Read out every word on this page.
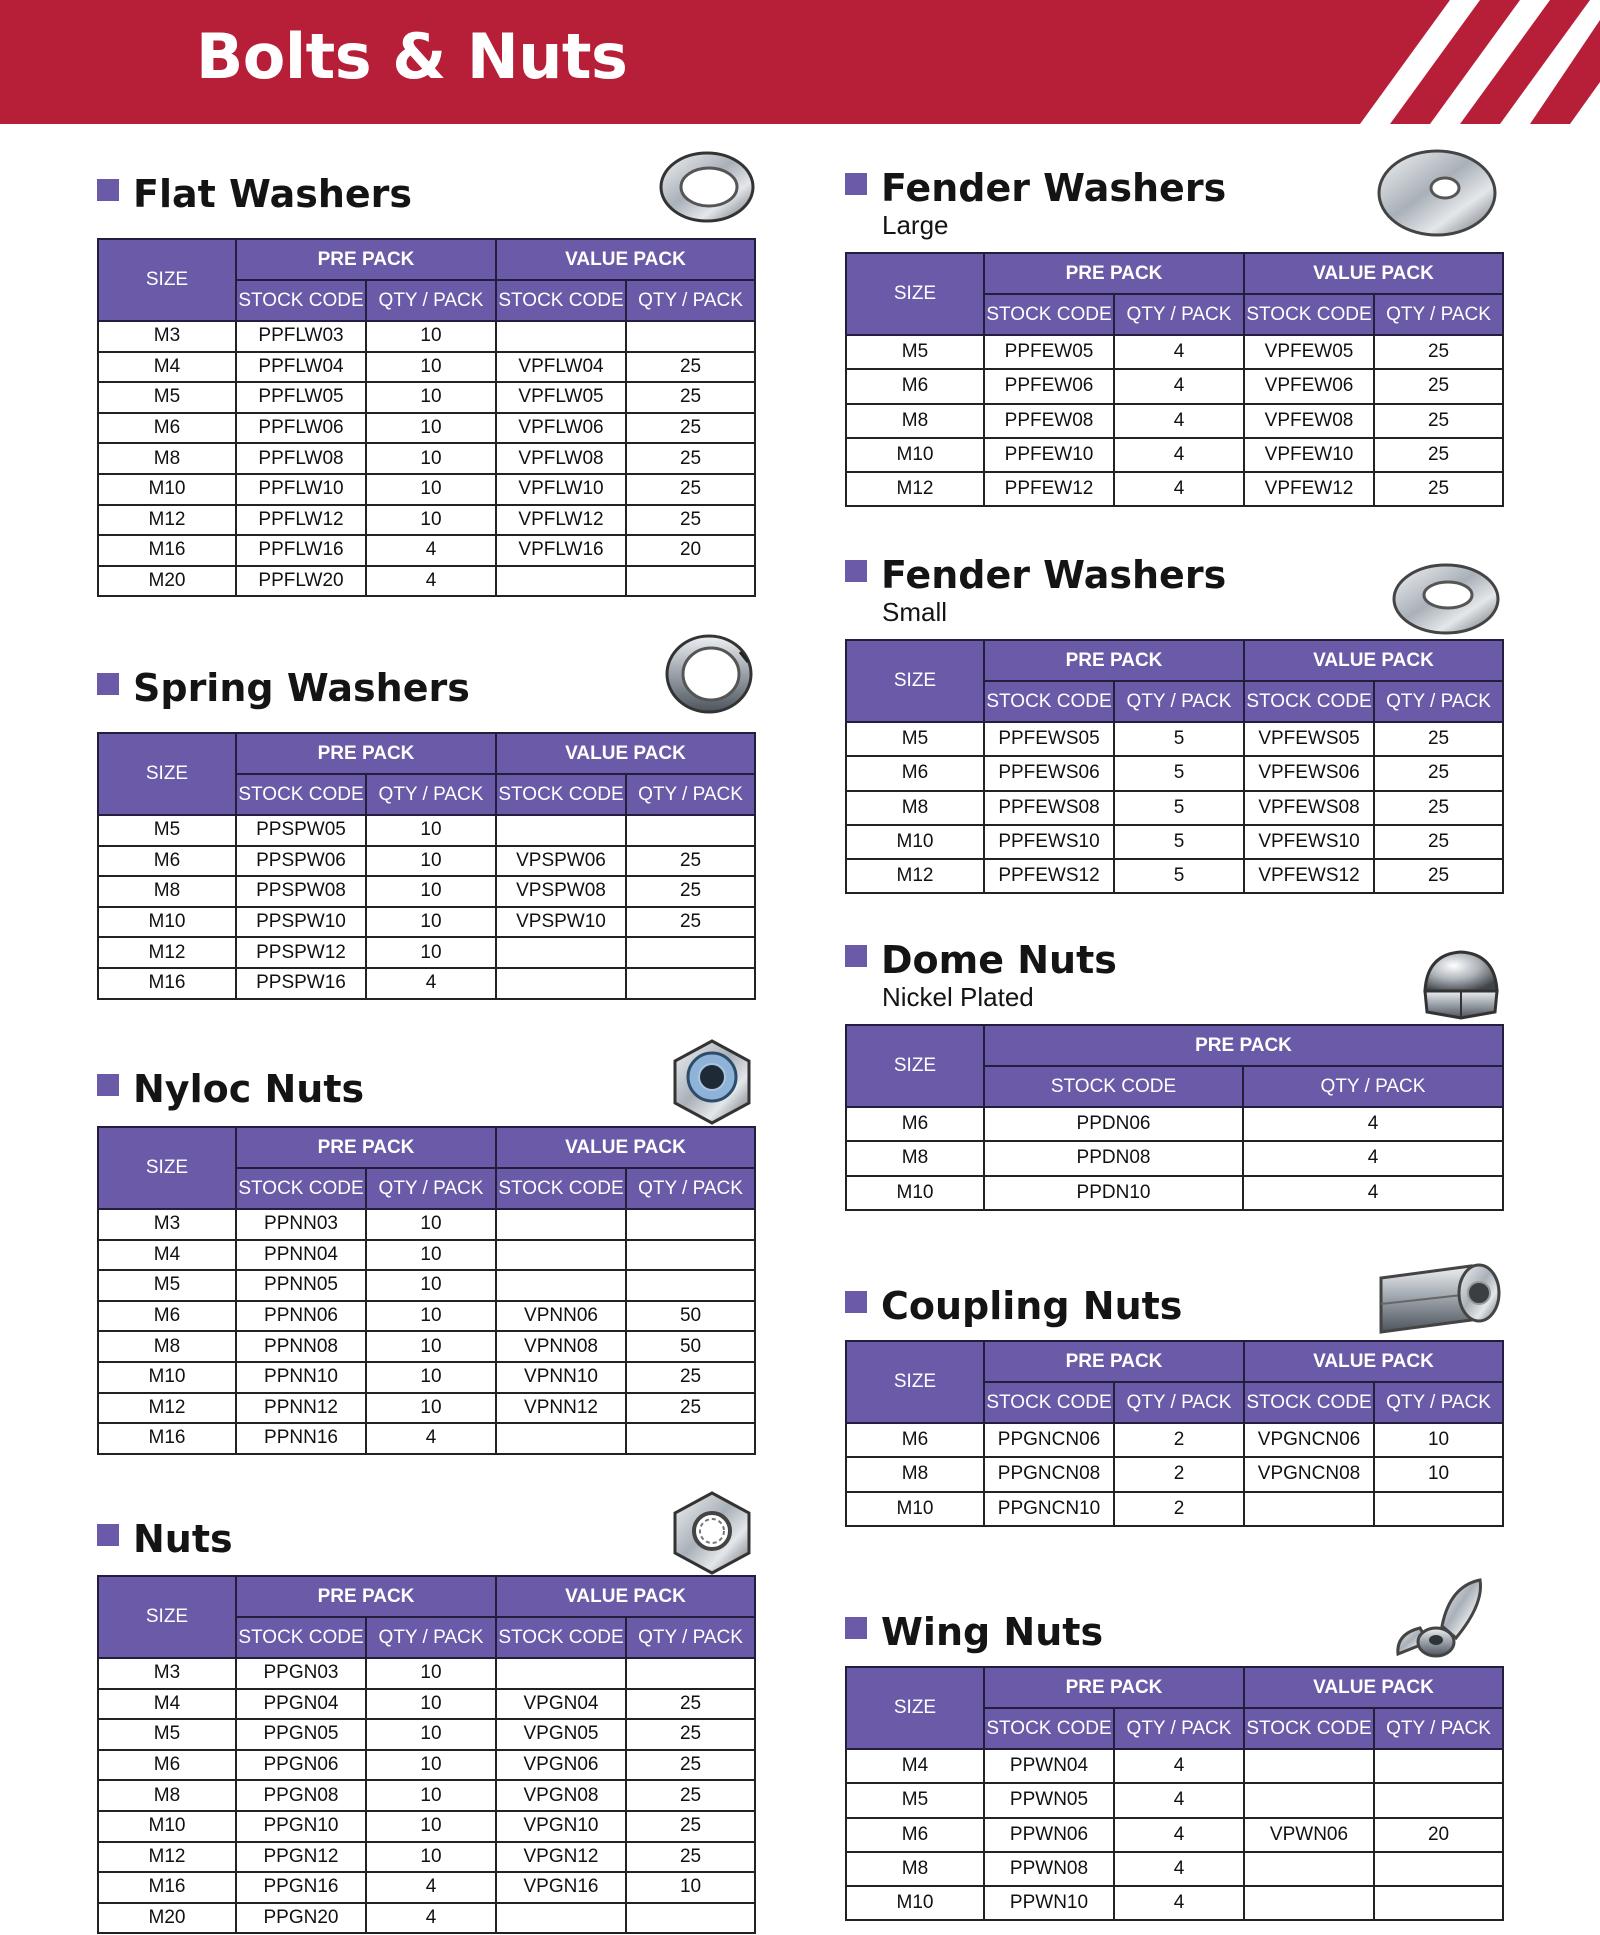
Bolts & Nuts
Flat Washers
SIZE	PRE PACK		VALUE PACK	
	STOCK CODE	QTY / PACK	STOCK CODE	QTY / PACK
M3	PPFLW03	10		
M4	PPFLW04	10	VPFLW04	25
M5	PPFLW05	10	VPFLW05	25
M6	PPFLW06	10	VPFLW06	25
M8	PPFLW08	10	VPFLW08	25
M10	PPFLW10	10	VPFLW10	25
M12	PPFLW12	10	VPFLW12	25
M16	PPFLW16	4	VPFLW16	20
M20	PPFLW20	4		
Spring Washers
SIZE	PRE PACK		VALUE PACK	
	STOCK CODE	QTY / PACK	STOCK CODE	QTY / PACK
M5	PPSPW05	10		
M6	PPSPW06	10	VPSPW06	25
M8	PPSPW08	10	VPSPW08	25
M10	PPSPW10	10	VPSPW10	25
M12	PPSPW12	10		
M16	PPSPW16	4		
Nyloc Nuts
SIZE	PRE PACK		VALUE PACK	
	STOCK CODE	QTY / PACK	STOCK CODE	QTY / PACK
M3	PPNN03	10		
M4	PPNN04	10		
M5	PPNN05	10		
M6	PPNN06	10	VPNN06	50
M8	PPNN08	10	VPNN08	50
M10	PPNN10	10	VPNN10	25
M12	PPNN12	10	VPNN12	25
M16	PPNN16	4		
Nuts
SIZE	PRE PACK		VALUE PACK	
	STOCK CODE	QTY / PACK	STOCK CODE	QTY / PACK
M3	PPGN03	10		
M4	PPGN04	10	VPGN04	25
M5	PPGN05	10	VPGN05	25
M6	PPGN06	10	VPGN06	25
M8	PPGN08	10	VPGN08	25
M10	PPGN10	10	VPGN10	25
M12	PPGN12	10	VPGN12	25
M16	PPGN16	4	VPGN16	10
M20	PPGN20	4		
Fender Washers
Large
SIZE	PRE PACK		VALUE PACK	
	STOCK CODE	QTY / PACK	STOCK CODE	QTY / PACK
M5	PPFEW05	4	VPFEW05	25
M6	PPFEW06	4	VPFEW06	25
M8	PPFEW08	4	VPFEW08	25
M10	PPFEW10	4	VPFEW10	25
M12	PPFEW12	4	VPFEW12	25
Fender Washers
Small
SIZE	PRE PACK		VALUE PACK	
	STOCK CODE	QTY / PACK	STOCK CODE	QTY / PACK
M5	PPFEWS05	5	VPFEWS05	25
M6	PPFEWS06	5	VPFEWS06	25
M8	PPFEWS08	5	VPFEWS08	25
M10	PPFEWS10	5	VPFEWS10	25
M12	PPFEWS12	5	VPFEWS12	25
Dome Nuts
Nickel Plated
SIZE	PRE PACK	
	STOCK CODE	QTY / PACK
M6	PPDN06	4
M8	PPDN08	4
M10	PPDN10	4
Coupling Nuts
SIZE	PRE PACK		VALUE PACK	
	STOCK CODE	QTY / PACK	STOCK CODE	QTY / PACK
M6	PPGNCN06	2	VPGNCN06	10
M8	PPGNCN08	2	VPGNCN08	10
M10	PPGNCN10	2		
Wing Nuts
SIZE	PRE PACK		VALUE PACK	
	STOCK CODE	QTY / PACK	STOCK CODE	QTY / PACK
M4	PPWN04	4		
M5	PPWN05	4		
M6	PPWN06	4	VPWN06	20
M8	PPWN08	4		
M10	PPWN10	4		
